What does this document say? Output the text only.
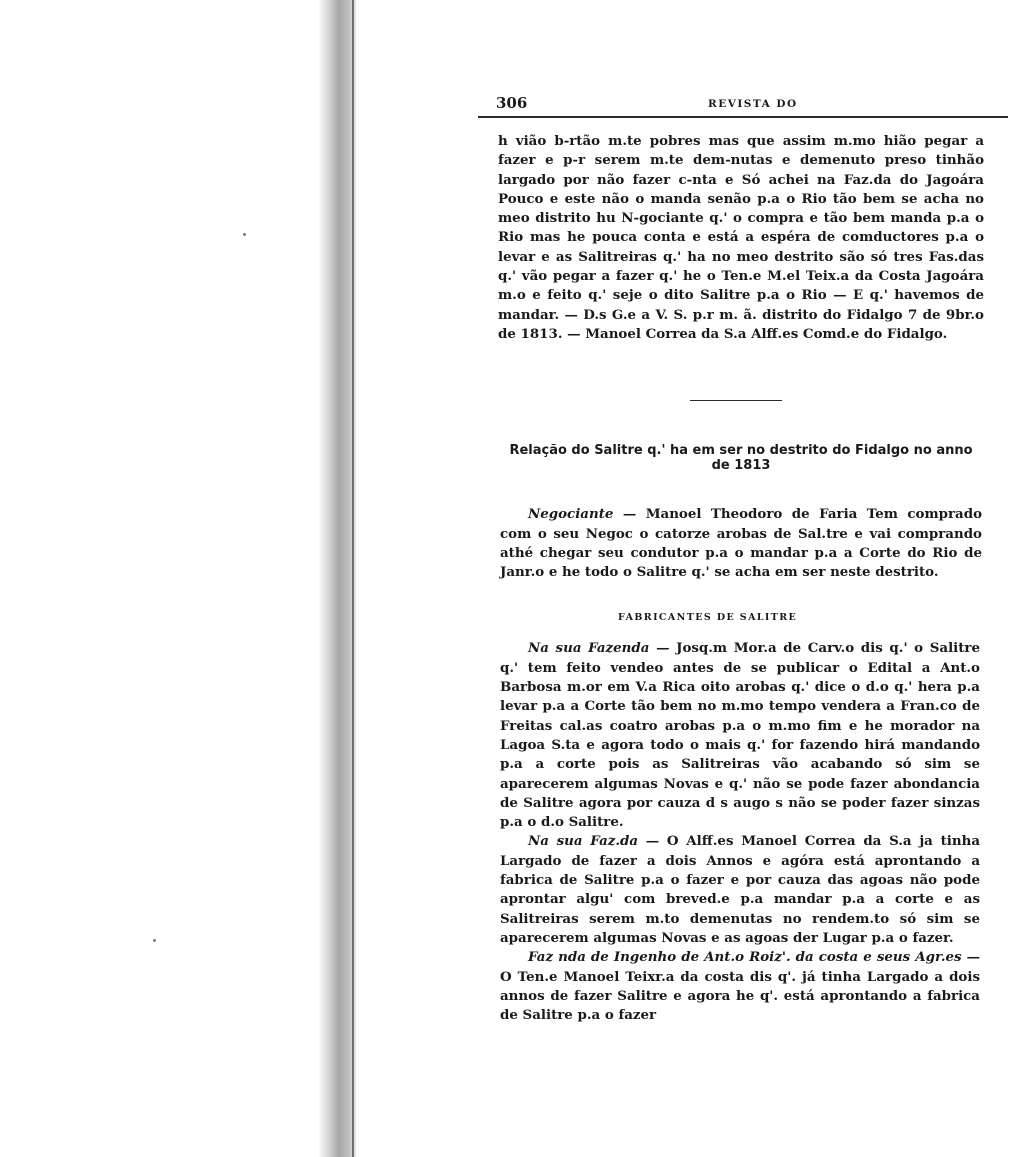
306	REVISTA DO
h vião b-rtão m.te pobres mas que assim m.mo hião pegar a fazer e p-r serem m.te dem-nutas e demenuto preso tinhão largado por não fazer c-nta e Só achei na Faz.da do Jagoára Pouco e este não o manda senão p.a o Rio tão bem se acha no meo distrito hu N-gociante q.' o compra e tão bem manda p.a o Rio mas he pouca conta e está a espéra de comductores p.a o levar e as Salitreiras q.' ha no meo destrito são só tres Fas.das q.' vão pegar a fazer q.' he o Ten.e M.el Teix.a da Costa Jagoára m.o e feito q.' seje o dito Salitre p.a o Rio — E q.' havemos de mandar. — D.s G.e a V. S. p.r m. ã. distrito do Fidalgo 7 de 9br.o de 1813. — Manoel Correa da S.a Alff.es Comd.e do Fidalgo.
Relação do Salitre q.' ha em ser no destrito do Fidalgo no anno de 1813

Negociante — Manoel Theodoro de Faria Tem comprado com o seu Negoc o catorze arobas de Sal.tre e vai comprando athé chegar seu condutor p.a o mandar p.a a Corte do Rio de Janr.o e he todo o Salitre q.' se acha em ser neste destrito.

FABRICANTES DE SALITRE

Na sua Fazenda — Josq.m Mor.a de Carv.o dis q.' o Salitre q.' tem feito vendeo antes de se publicar o Edital a Ant.o Barbosa m.or em V.a Rica oito arobas q.' dice o d.o q.' hera p.a levar p.a a Corte tão bem no m.mo tempo vendera a Fran.co de Freitas cal.as coatro arobas p.a o m.mo fim e he morador na Lagoa S.ta e agora todo o mais q.' for fazendo hirá mandando p.a a corte pois as Salitreiras vão acabando só sim se aparecerem algumas Novas e q.' não se pode fazer abondancia de Salitre agora por cauza d s augo s não se poder fazer sinzas p.a o d.o Salitre.

Na sua Faz.da — O Alff.es Manoel Correa da S.a ja tinha Largado de fazer a dois Annos e agóra está aprontando a fabrica de Salitre p.a o fazer e por cauza das agoas não pode aprontar algu' com breved.e p.a mandar p.a a corte e as Salitreiras serem m.to demenutas no rendem.to só sim se aparecerem algumas Novas e as agoas der Lugar p.a o fazer.

Faz nda de Ingenho de Ant.o Roiz'. da costa e seus Agr.es — O Ten.e Manoel Teixr.a da costa dis q'. já tinha Largado a dois annos de fazer Salitre e agora he q'. está aprontando a fabrica de Salitre p.a o fazer
